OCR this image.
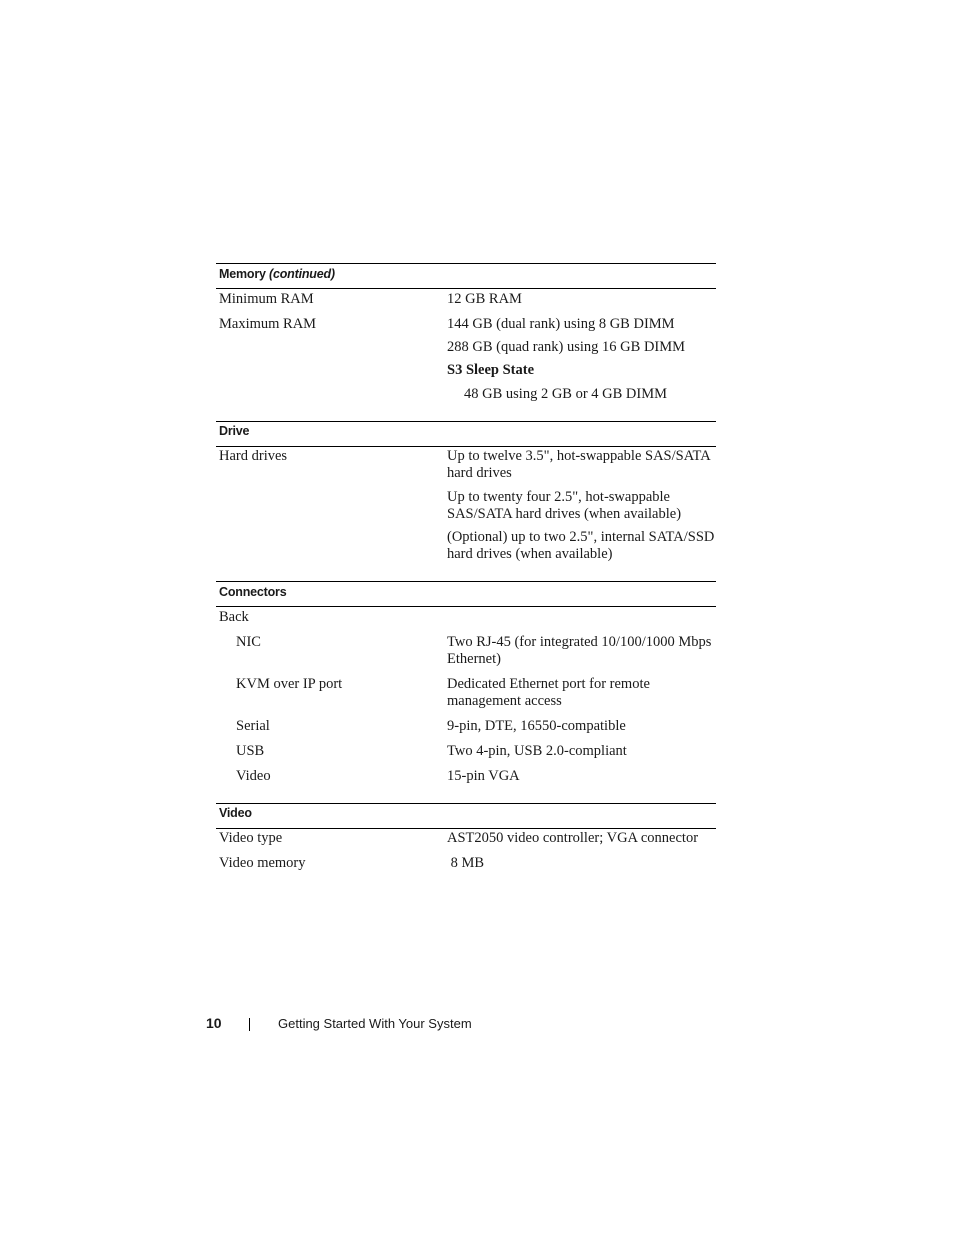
Memory (continued)
Minimum RAM	12 GB RAM
Maximum RAM	144 GB (dual rank) using 8 GB DIMM
288 GB (quad rank) using 16 GB DIMM
S3 Sleep State
48 GB using 2 GB or 4 GB DIMM
Drive
Hard drives	Up to twelve 3.5", hot-swappable SAS/SATA hard drives
Up to twenty four 2.5", hot-swappable SAS/SATA hard drives (when available)
(Optional) up to two 2.5", internal SATA/SSD hard drives (when available)
Connectors
Back
NIC	Two RJ-45 (for integrated 10/100/1000 Mbps Ethernet)
KVM over IP port	Dedicated Ethernet port for remote management access
Serial	9-pin, DTE, 16550-compatible
USB	Two 4-pin, USB 2.0-compliant
Video	15-pin VGA
Video
Video type	AST2050 video controller; VGA connector
Video memory	8 MB
10	Getting Started With Your System
